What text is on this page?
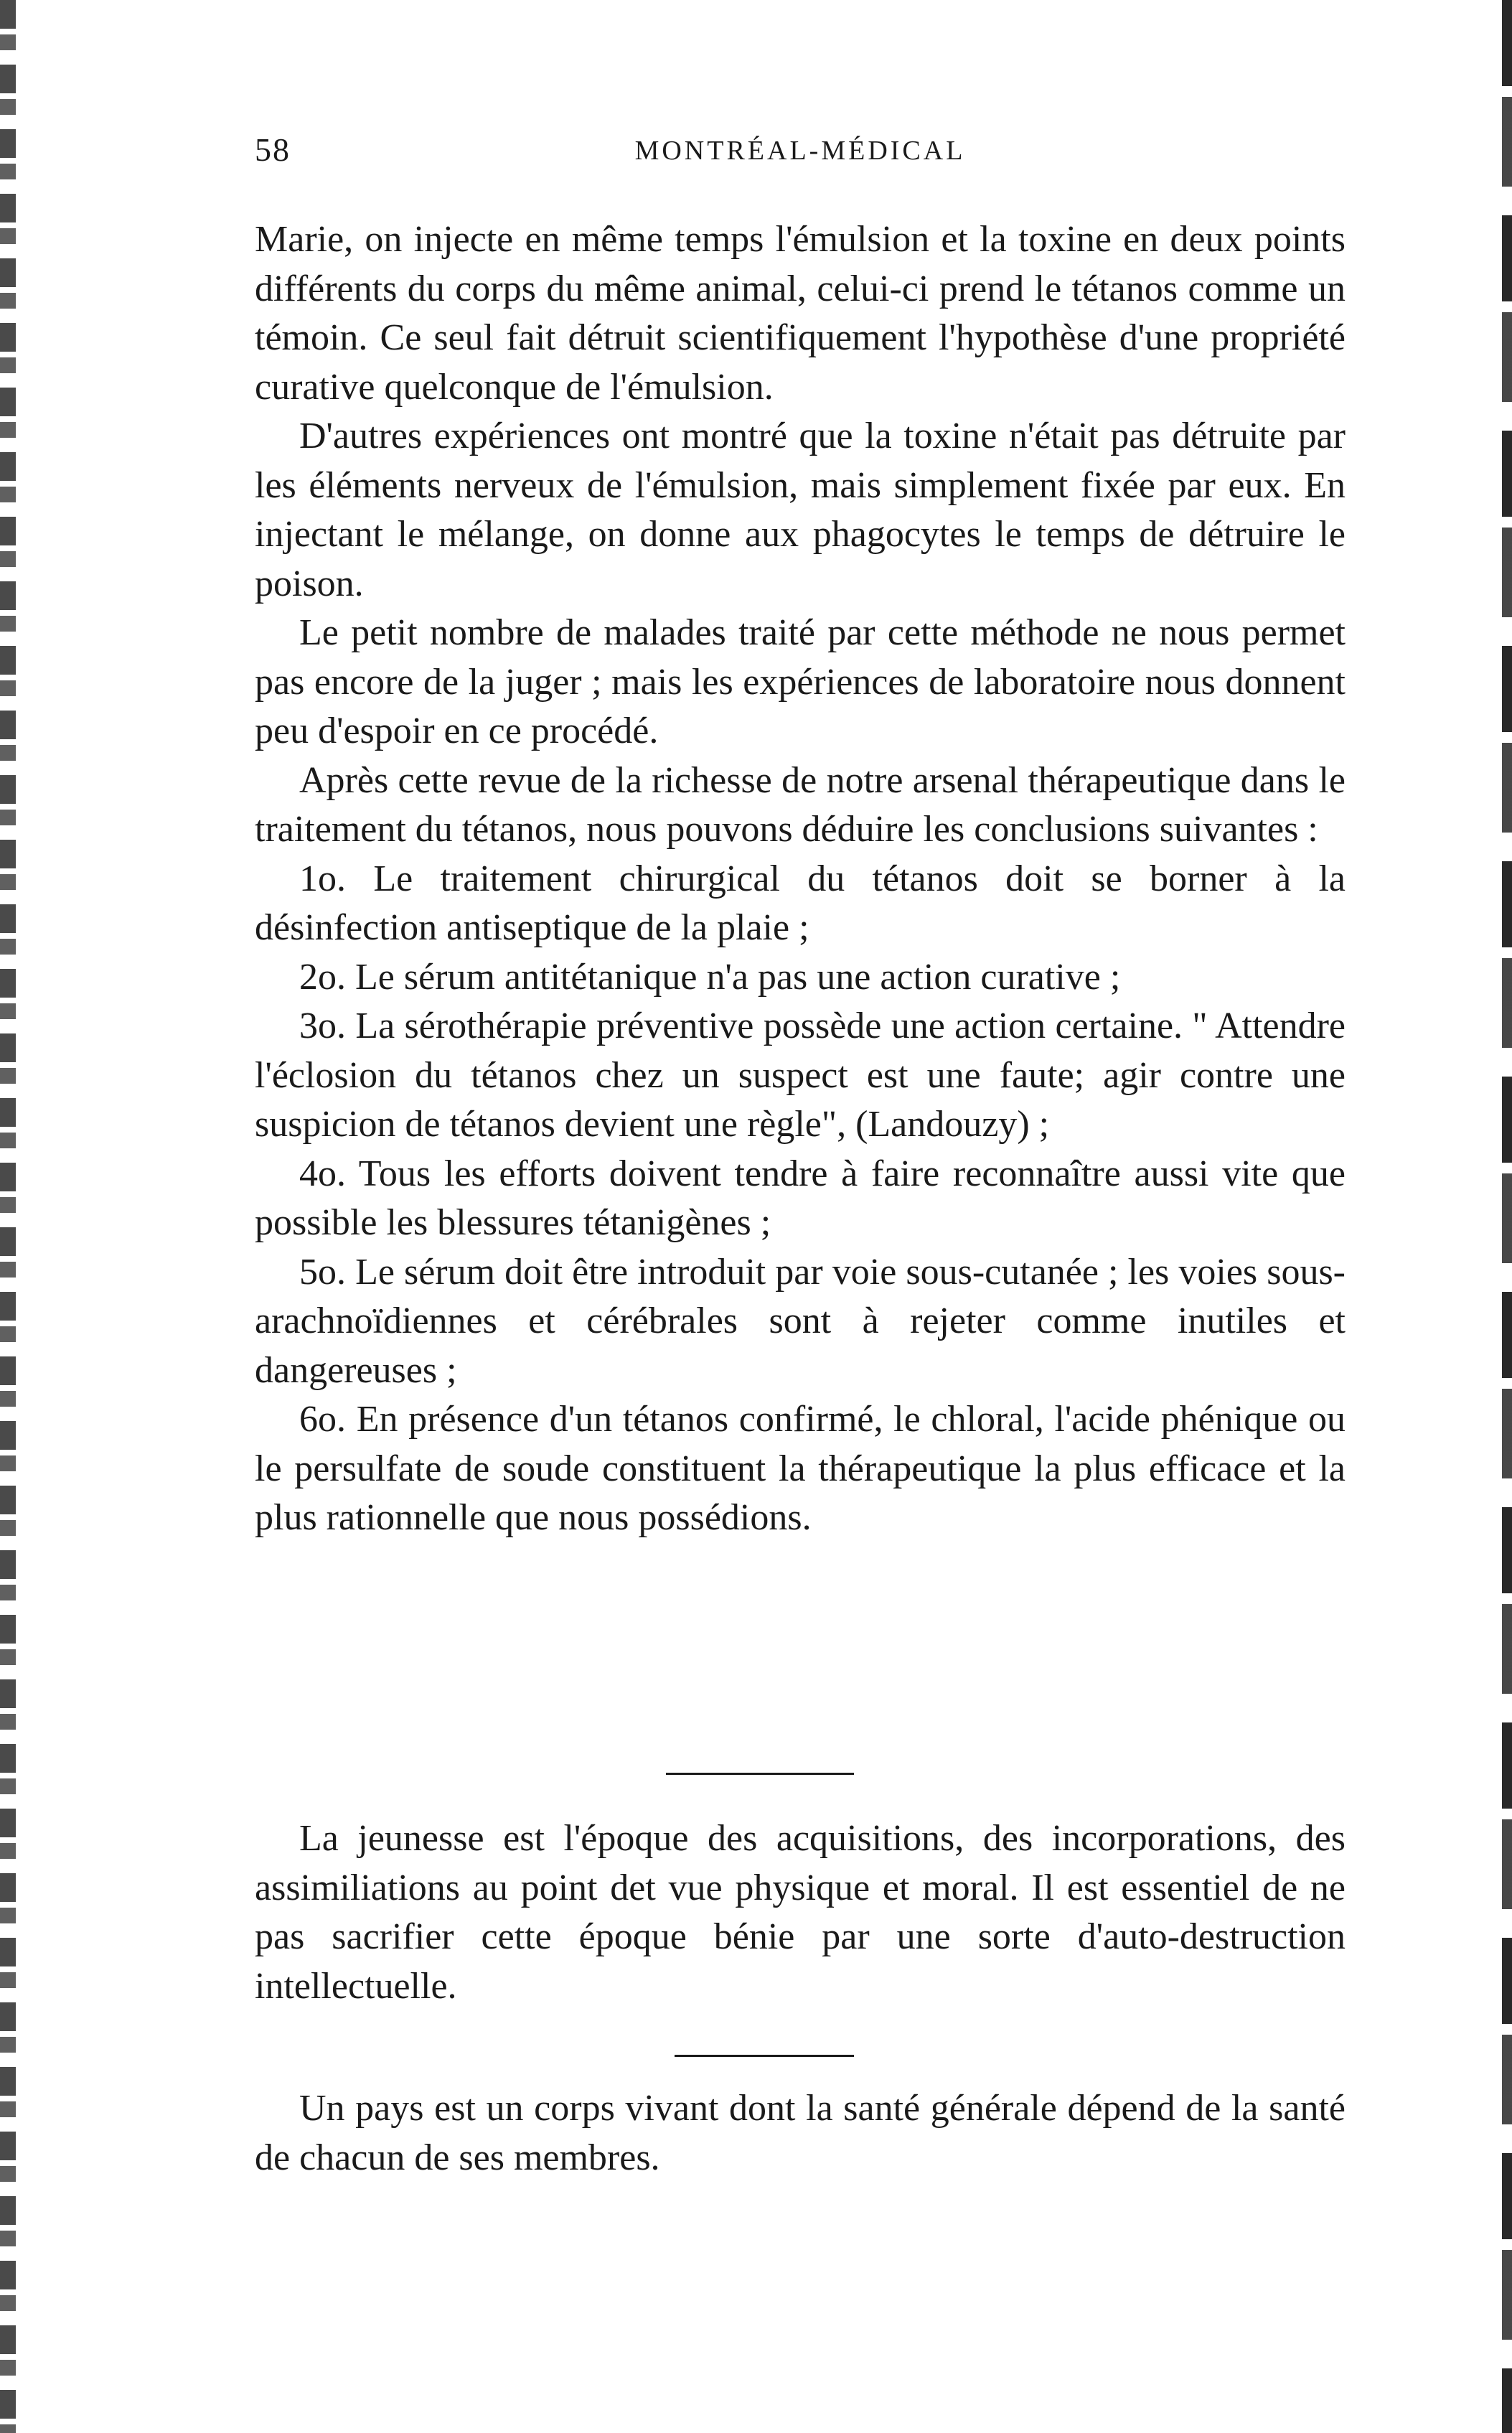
58	MONTRÉAL-MÉDICAL

Marie, on injecte en même temps l'émulsion et la toxine en deux points différents du corps du même animal, celui-ci prend le tétanos comme un témoin. Ce seul fait détruit scientifiquement l'hypothèse d'une propriété curative quelconque de l'émulsion.

D'autres expériences ont montré que la toxine n'était pas détruite par les éléments nerveux de l'émulsion, mais simplement fixée par eux. En injectant le mélange, on donne aux phagocytes le temps de détruire le poison.

Le petit nombre de malades traité par cette méthode ne nous permet pas encore de la juger ; mais les expériences de laboratoire nous donnent peu d'espoir en ce procédé.

Après cette revue de la richesse de notre arsenal thérapeutique dans le traitement du tétanos, nous pouvons déduire les conclusions suivantes :

1o. Le traitement chirurgical du tétanos doit se borner à la désinfection antiseptique de la plaie ;

2o. Le sérum antitétanique n'a pas une action curative ;

3o. La sérothérapie préventive possède une action certaine. " Attendre l'éclosion du tétanos chez un suspect est une faute; agir contre une suspicion de tétanos devient une règle", (Landouzy) ;

4o. Tous les efforts doivent tendre à faire reconnaître aussi vite que possible les blessures tétanigènes ;

5o. Le sérum doit être introduit par voie sous-cutanée ; les voies sous-arachnoïdiennes et cérébrales sont à rejeter comme inutiles et dangereuses ;

6o. En présence d'un tétanos confirmé, le chloral, l'acide phénique ou le persulfate de soude constituent la thérapeutique la plus efficace et la plus rationnelle que nous possédions.

La jeunesse est l'époque des acquisitions, des incorporations, des assimiliations au point det vue physique et moral. Il est essentiel de ne pas sacrifier cette époque bénie par une sorte d'auto-destruction intellectuelle.

Un pays est un corps vivant dont la santé générale dépend de la santé de chacun de ses membres.
